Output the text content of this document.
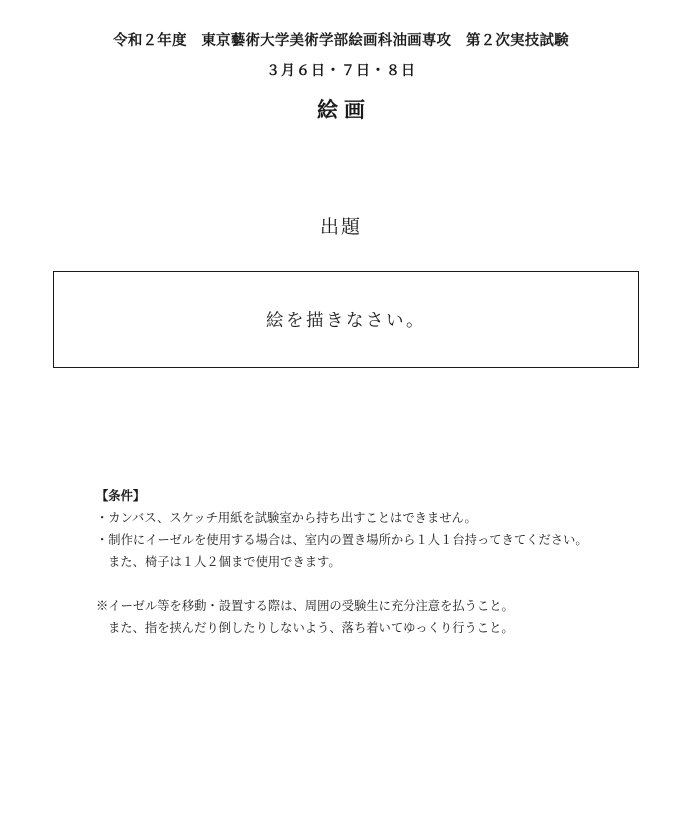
令和２年度　東京藝術大学美術学部絵画科油画専攻　第２次実技試験
３月６日・７日・８日
絵画
出題
絵を描きなさい。
【条件】
・カンバス、スケッチ用紙を試験室から持ち出すことはできません。
・制作にイーゼルを使用する場合は、室内の置き場所から１人１台持ってきてください。
また、椅子は１人２個まで使用できます。
※イーゼル等を移動・設置する際は、周囲の受験生に充分注意を払うこと。
また、指を挟んだり倒したりしないよう、落ち着いてゆっくり行うこと。
